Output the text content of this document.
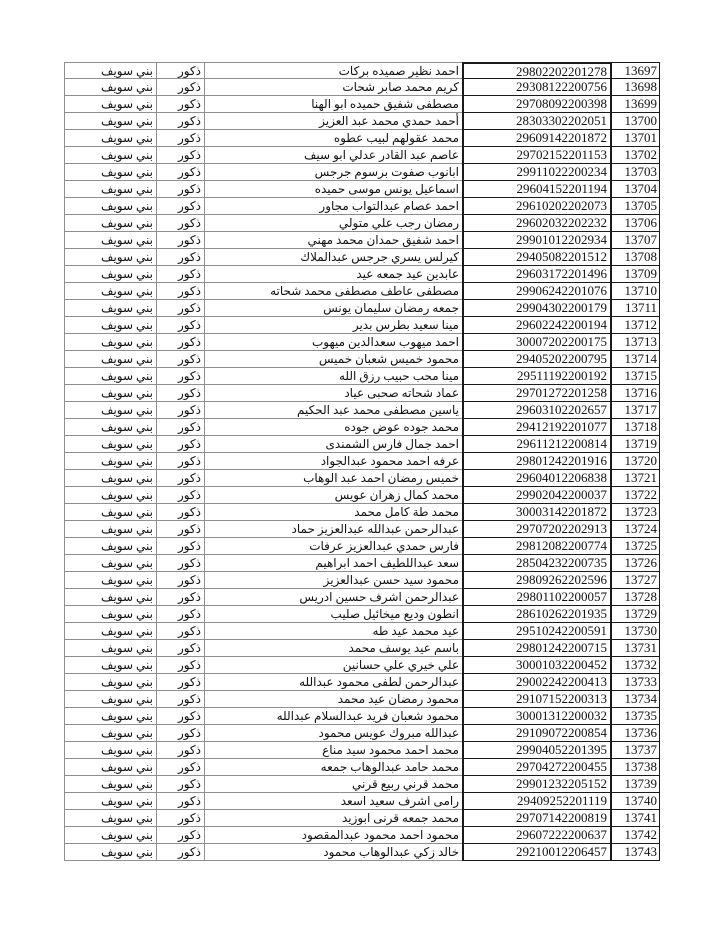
بني سويف	ذكور	احمد نظير صميده بركات	29802202201278	13697
بني سويف	ذكور	كريم محمد صابر شحات	29308122200756	13698
بني سويف	ذكور	مصطفى شفيق حميده ابو الهنا	29708092200398	13699
بني سويف	ذكور	أحمد حمدي محمد عبد العزيز	28303302202051	13700
بني سويف	ذكور	محمد عقولهم لبيب عطوه	29609142201872	13701
بني سويف	ذكور	عاصم عبد القادر عدلي ابو سيف	29702152201153	13702
بني سويف	ذكور	ابانوب صفوت برسوم جرجس	29911022200234	13703
بني سويف	ذكور	اسماعيل يونس موسى حميده	29604152201194	13704
بني سويف	ذكور	احمد عصام عبدالتواب مجاور	29610202202073	13705
بني سويف	ذكور	رمضان رجب علي متولي	29602032202232	13706
بني سويف	ذكور	احمد شفيق حمدان محمد مهني	29901012202934	13707
بني سويف	ذكور	كيرلس يسري جرجس عبدالملاك	29405082201512	13708
بني سويف	ذكور	عابدين عيد جمعه عيد	29603172201496	13709
بني سويف	ذكور	مصطفى عاطف مصطفى محمد شحاته	29906242201076	13710
بني سويف	ذكور	جمعه رمضان سليمان يونس	29904302200179	13711
بني سويف	ذكور	مينا سعيد بطرس بدير	29602242200194	13712
بني سويف	ذكور	احمد ميهوب سعدالدين ميهوب	30007202200175	13713
بني سويف	ذكور	محمود خميس شعبان خميس	29405202200795	13714
بني سويف	ذكور	مينا محب حبيب رزق الله	29511192200192	13715
بني سويف	ذكور	عماد شحاته صحبى عياد	29701272201258	13716
بني سويف	ذكور	ياسين مصطفى محمد عبد الحكيم	29603102202657	13717
بني سويف	ذكور	محمد جوده عوض جوده	29412192201077	13718
بني سويف	ذكور	احمد جمال فارس الشمندى	29611212200814	13719
بني سويف	ذكور	عرفه احمد محمود عبدالجواد	29801242201916	13720
بني سويف	ذكور	خميس رمضان احمد عبد الوهاب	29604012206838	13721
بني سويف	ذكور	محمد كمال زهران عويس	29902042200037	13722
بني سويف	ذكور	محمد طة كامل محمد	30003142201872	13723
بني سويف	ذكور	عبدالرحمن عبدالله عبدالعزيز حماد	29707202202913	13724
بني سويف	ذكور	فارس حمدي عبدالعزيز عرفات	29812082200774	13725
بني سويف	ذكور	سعد عبداللطيف احمد ابراهيم	28504232200735	13726
بني سويف	ذكور	محمود سيد حسن عبدالعزيز	29809262202596	13727
بني سويف	ذكور	عبدالرحمن اشرف حسين ادريس	29801102200057	13728
بني سويف	ذكور	انطون وديع ميخائيل صليب	28610262201935	13729
بني سويف	ذكور	عيد محمد عيد طه	29510242200591	13730
بني سويف	ذكور	باسم عيد يوسف محمد	29801242200715	13731
بني سويف	ذكور	علي خيري علي حسانين	30001032200452	13732
بني سويف	ذكور	عبدالرحمن لطفى محمود عبدالله	29002242200413	13733
بني سويف	ذكور	محمود رمضان عيد محمد	29107152200313	13734
بني سويف	ذكور	محمود شعبان فريد عبدالسلام عبدالله	30001312200032	13735
بني سويف	ذكور	عبدالله مبروك عويس محمود	29109072200854	13736
بني سويف	ذكور	محمد احمد محمود سيد مناع	29904052201395	13737
بني سويف	ذكور	محمد حامد عبدالوهاب جمعه	29704272200455	13738
بني سويف	ذكور	محمد قرني ربيع قرني	29901232205152	13739
بني سويف	ذكور	رامى اشرف سعيد اسعد	29409252201119	13740
بني سويف	ذكور	محمد جمعه قرنى ابوزيد	29707142200819	13741
بني سويف	ذكور	محمود احمد محمود عبدالمقصود	29607222200637	13742
بني سويف	ذكور	خالد زكي عبدالوهاب محمود	29210012206457	13743
